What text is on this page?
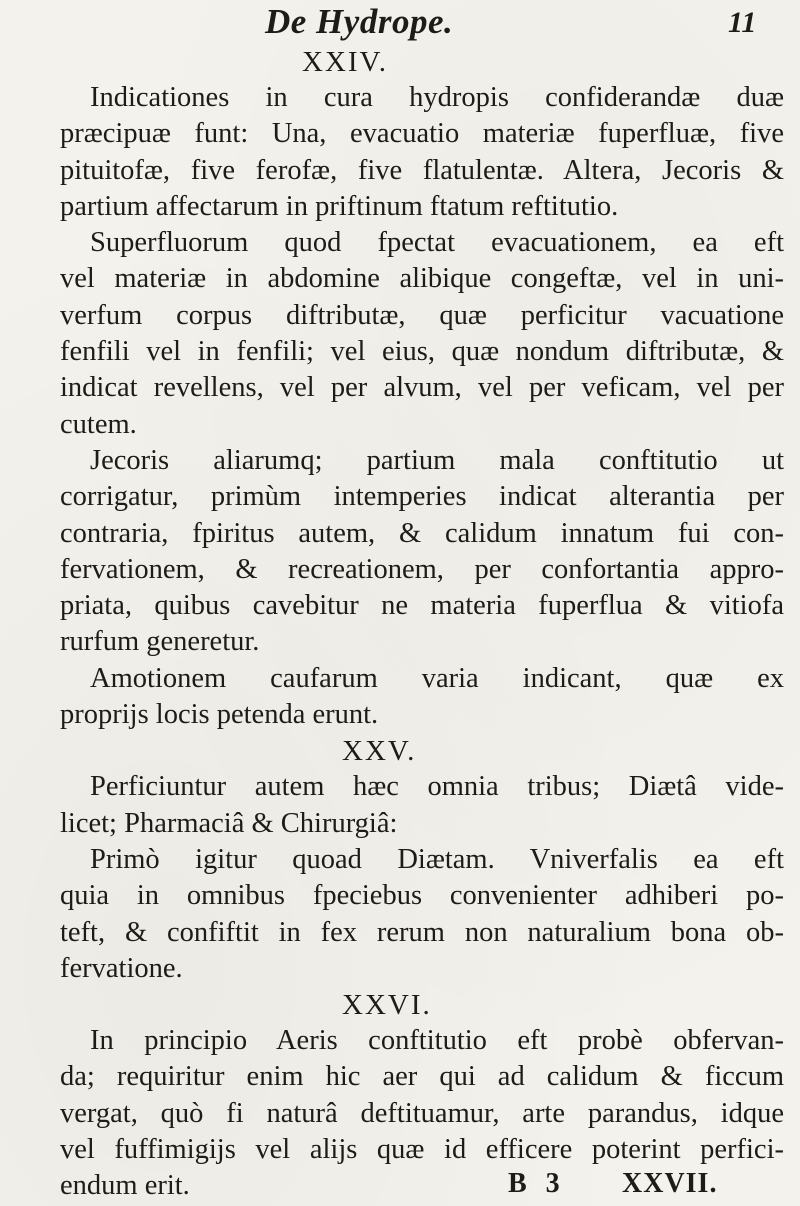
De Hydrope.	11
XXIV.
Indicationes in cura hydropis confiderandæ duæ
præcipuæ funt: Una, evacuatio materiæ fuperfluæ, five
pituitofæ, five ferofæ, five flatulentæ. Altera, Jecoris &
partium affectarum in priftinum ftatum reftitutio.
Superfluorum quod fpectat evacuationem, ea eft
vel materiæ in abdomine alibique congeftæ, vel in uni-
verfum corpus diftributæ, quæ perficitur vacuatione
fenfili vel in fenfili; vel eius, quæ nondum diftributæ, &
indicat revellens, vel per alvum, vel per veficam, vel per
cutem.
Jecoris aliarumq; partium mala conftitutio ut
corrigatur, primùm intemperies indicat alterantia per
contraria, fpiritus autem, & calidum innatum fui con-
fervationem, & recreationem, per confortantia appro-
priata, quibus cavebitur ne materia fuperflua & vitiofa
rurfum generetur.
Amotionem caufarum varia indicant, quæ ex
proprijs locis petenda erunt.
XXV.
Perficiuntur autem hæc omnia tribus; Diætâ vide-
licet; Pharmaciâ & Chirurgiâ:
Primò igitur quoad Diætam. Vniverfalis ea eft
quia in omnibus fpeciebus convenienter adhiberi po-
teft, & confiftit in fex rerum non naturalium bona ob-
fervatione.
XXVI.
In principio Aeris conftitutio eft probè obfervan-
da; requiritur enim hic aer qui ad calidum & ficcum
vergat, quò fi naturâ deftituamur, arte parandus, idque
vel fuffimigijs vel alijs quæ id efficere poterint perfici-
endum erit.	B 3 XXVII.
